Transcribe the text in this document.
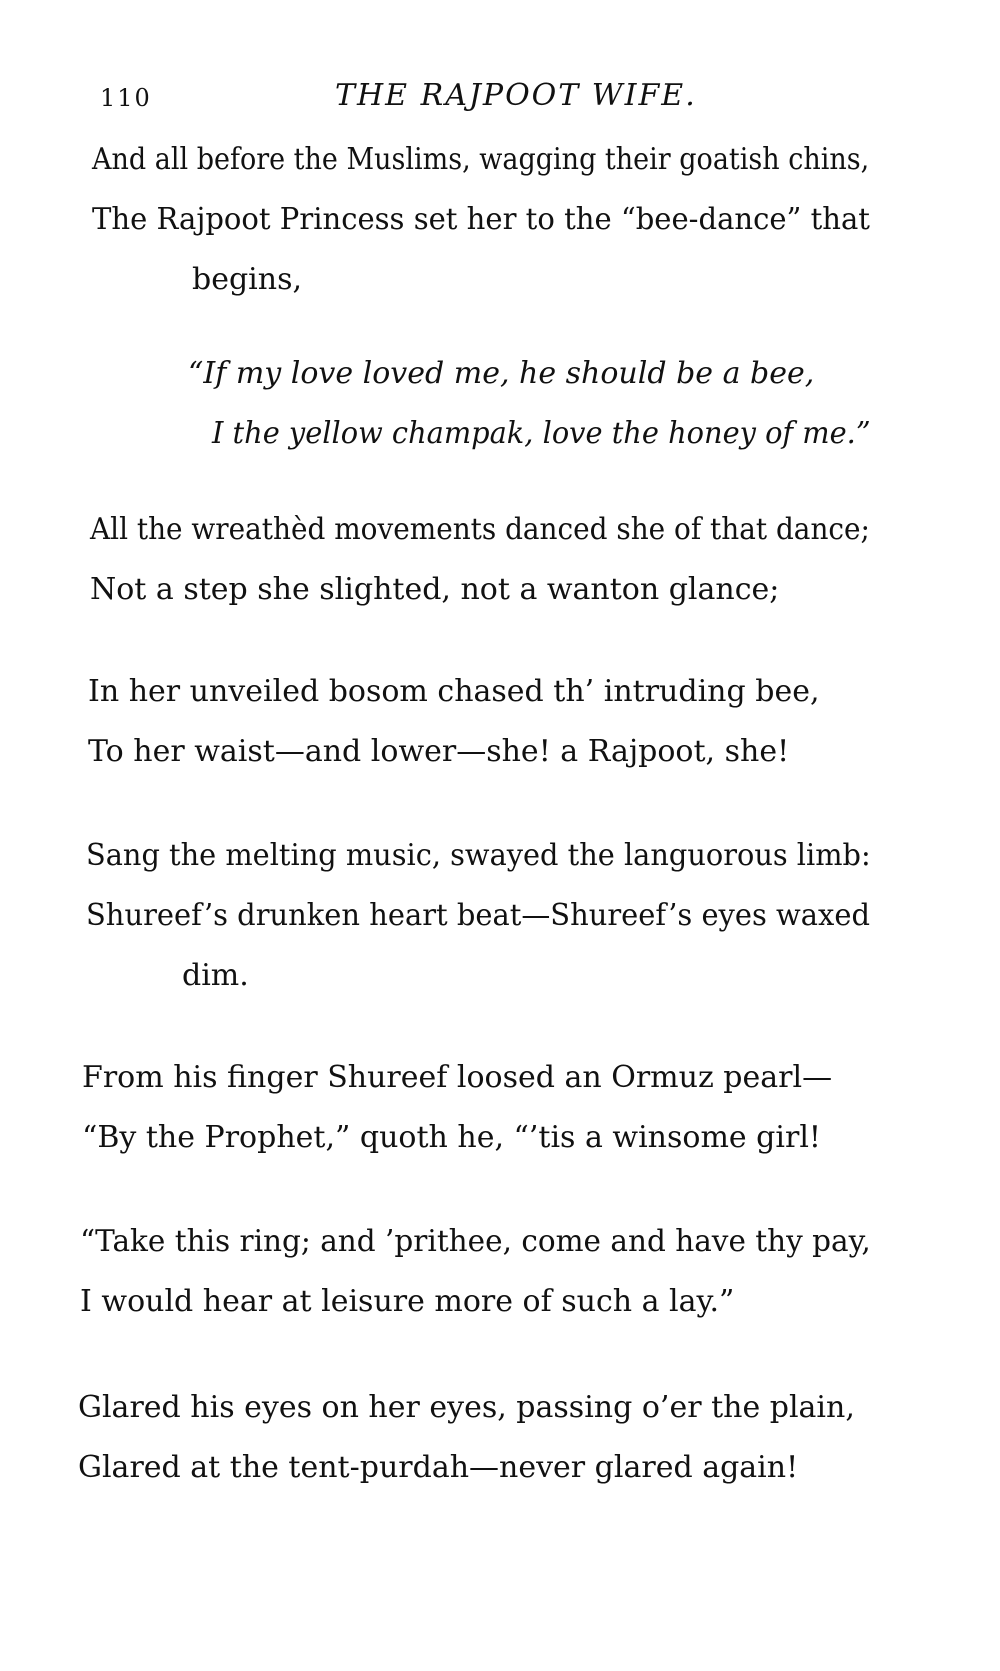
110	THE RAJPOOT WIFE.
And all before the Muslims, wagging their goatish chins,
The Rajpoot Princess set her to the “bee-dance” that
begins,
“If my love loved me, he should be a bee,
I the yellow champak, love the honey of me.”
All the wreathèd movements danced she of that dance;
Not a step she slighted, not a wanton glance;
In her unveiled bosom chased th’ intruding bee,
To her waist—and lower—she! a Rajpoot, she!
Sang the melting music, swayed the languorous limb:
Shureef’s drunken heart beat—Shureef’s eyes waxed
dim.
From his finger Shureef loosed an Ormuz pearl—
“By the Prophet,” quoth he, “’tis a winsome girl!
“Take this ring; and ’prithee, come and have thy pay,
I would hear at leisure more of such a lay.”
Glared his eyes on her eyes, passing o’er the plain,
Glared at the tent-purdah—never glared again!
